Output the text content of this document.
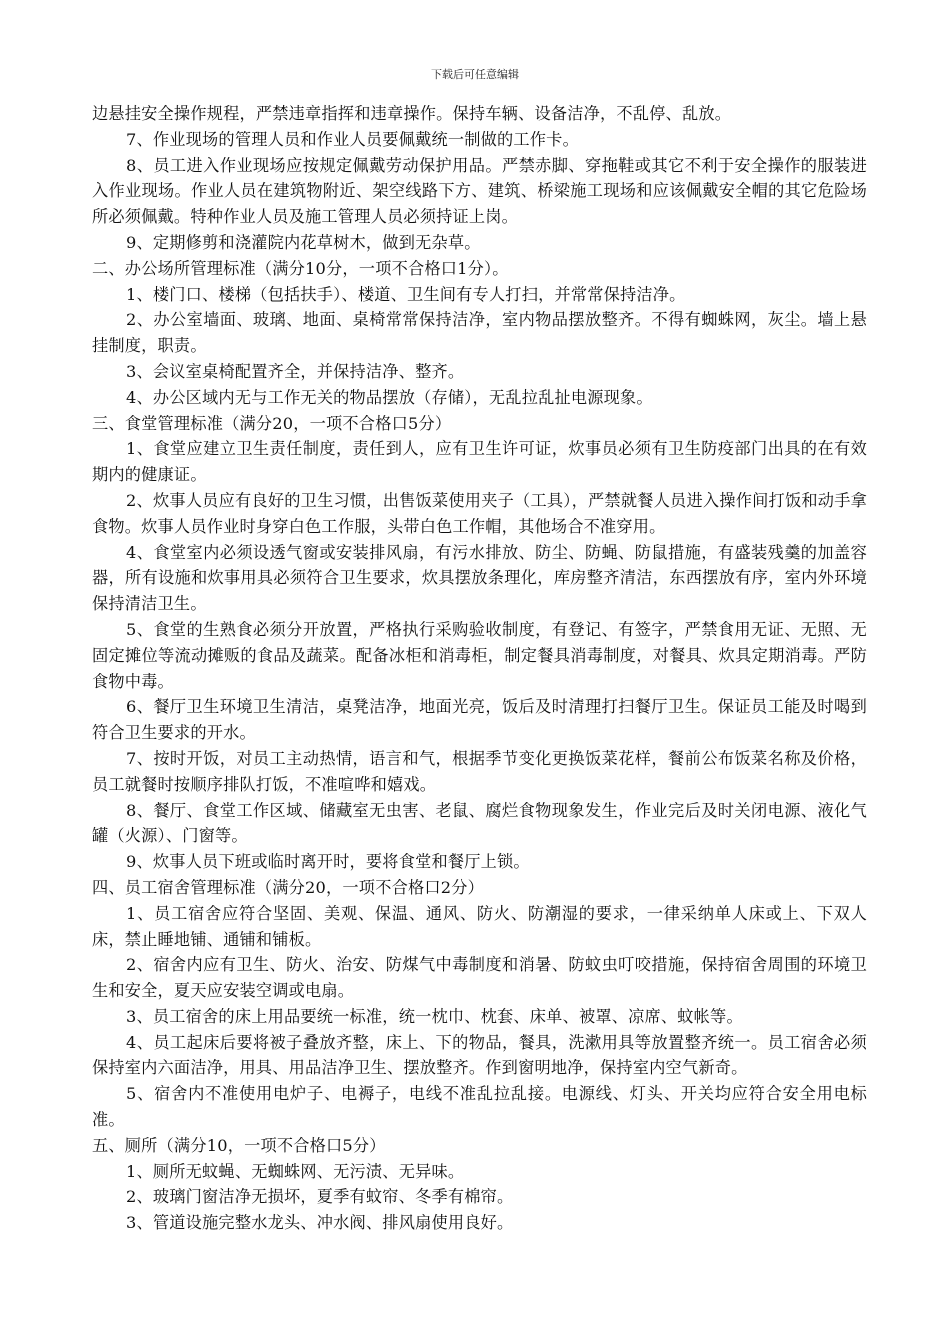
下载后可任意编辑

边悬挂安全操作规程，严禁违章指挥和违章操作。保持车辆、设备洁净，不乱停、乱放。

7、作业现场的管理人员和作业人员要佩戴统一制做的工作卡。

8、员工进入作业现场应按规定佩戴劳动保护用品。严禁赤脚、穿拖鞋或其它不利于安全操作的服装进入作业现场。作业人员在建筑物附近、架空线路下方、建筑、桥梁施工现场和应该佩戴安全帽的其它危险场所必须佩戴。特种作业人员及施工管理人员必须持证上岗。

9、定期修剪和浇灌院内花草树木，做到无杂草。

二、办公场所管理标准（满分10分，一项不合格口1分）。

1、楼门口、楼梯（包括扶手）、楼道、卫生间有专人打扫，并常常保持洁净。

2、办公室墙面、玻璃、地面、桌椅常常保持洁净，室内物品摆放整齐。不得有蜘蛛网，灰尘。墙上悬挂制度，职责。

3、会议室桌椅配置齐全，并保持洁净、整齐。

4、办公区域内无与工作无关的物品摆放（存储），无乱拉乱扯电源现象。

三、食堂管理标准（满分20，一项不合格口5分）

1、食堂应建立卫生责任制度，责任到人，应有卫生许可证，炊事员必须有卫生防疫部门出具的在有效期内的健康证。

2、炊事人员应有良好的卫生习惯，出售饭菜使用夹子（工具），严禁就餐人员进入操作间打饭和动手拿食物。炊事人员作业时身穿白色工作服，头带白色工作帽，其他场合不准穿用。

4、食堂室内必须设透气窗或安装排风扇，有污水排放、防尘、防蝇、防鼠措施，有盛装残羹的加盖容器，所有设施和炊事用具必须符合卫生要求，炊具摆放条理化，库房整齐清洁，东西摆放有序，室内外环境保持清洁卫生。

5、食堂的生熟食必须分开放置，严格执行采购验收制度，有登记、有签字，严禁食用无证、无照、无固定摊位等流动摊贩的食品及蔬菜。配备冰柜和消毒柜，制定餐具消毒制度，对餐具、炊具定期消毒。严防食物中毒。

6、餐厅卫生环境卫生清洁，桌凳洁净，地面光亮，饭后及时清理打扫餐厅卫生。保证员工能及时喝到符合卫生要求的开水。

7、按时开饭，对员工主动热情，语言和气，根据季节变化更换饭菜花样，餐前公布饭菜名称及价格，员工就餐时按顺序排队打饭，不准喧哗和嬉戏。

8、餐厅、食堂工作区域、储藏室无虫害、老鼠、腐烂食物现象发生，作业完后及时关闭电源、液化气罐（火源）、门窗等。

9、炊事人员下班或临时离开时，要将食堂和餐厅上锁。

四、员工宿舍管理标准（满分20，一项不合格口2分）

1、员工宿舍应符合坚固、美观、保温、通风、防火、防潮湿的要求，一律采纳单人床或上、下双人床，禁止睡地铺、通铺和铺板。

2、宿舍内应有卫生、防火、治安、防煤气中毒制度和消暑、防蚊虫叮咬措施，保持宿舍周围的环境卫生和安全，夏天应安装空调或电扇。

3、员工宿舍的床上用品要统一标准，统一枕巾、枕套、床单、被罩、凉席、蚊帐等。

4、员工起床后要将被子叠放齐整，床上、下的物品，餐具，洗漱用具等放置整齐统一。员工宿舍必须保持室内六面洁净，用具、用品洁净卫生、摆放整齐。作到窗明地净，保持室内空气新奇。

5、宿舍内不准使用电炉子、电褥子，电线不准乱拉乱接。电源线、灯头、开关均应符合安全用电标准。

五、厕所（满分10，一项不合格口5分）

1、厕所无蚊蝇、无蜘蛛网、无污渍、无异味。

2、玻璃门窗洁净无损坏，夏季有蚊帘、冬季有棉帘。

3、管道设施完整水龙头、冲水阀、排风扇使用良好。
